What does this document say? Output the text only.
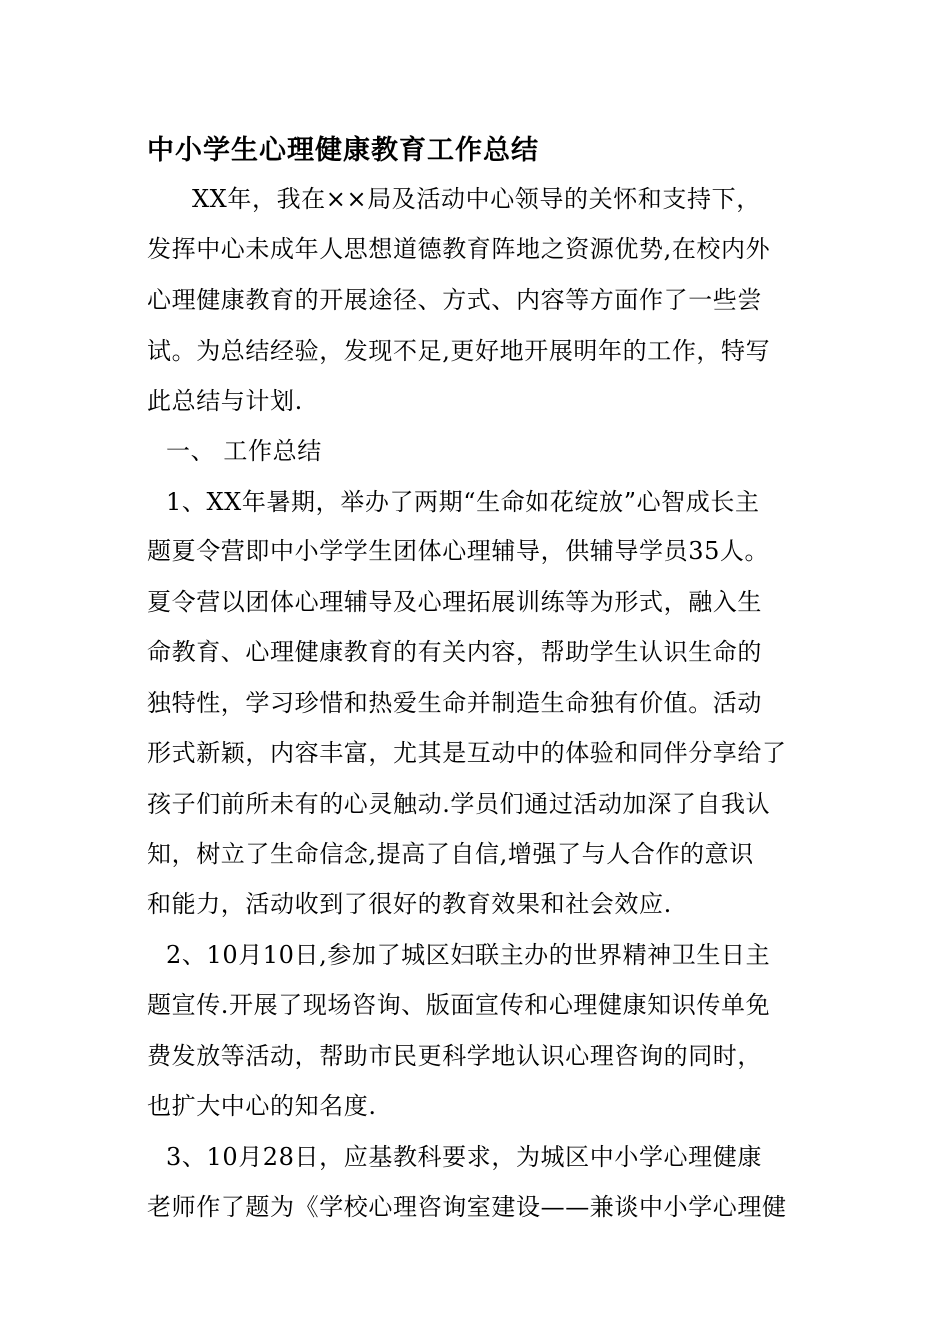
中小学生心理健康教育工作总结
XX年，我在××局及活动中心领导的关怀和支持下，
发挥中心未成年人思想道德教育阵地之资源优势,在校内外
心理健康教育的开展途径、方式、内容等方面作了一些尝
试。为总结经验，发现不足,更好地开展明年的工作，特写
此总结与计划.
一、 工作总结
1、XX年暑期，举办了两期“生命如花绽放”心智成长主
题夏令营即中小学学生团体心理辅导，供辅导学员35人。
夏令营以团体心理辅导及心理拓展训练等为形式，融入生
命教育、心理健康教育的有关内容，帮助学生认识生命的
独特性，学习珍惜和热爱生命并制造生命独有价值。活动
形式新颖，内容丰富，尤其是互动中的体验和同伴分享给了
孩子们前所未有的心灵触动.学员们通过活动加深了自我认
知，树立了生命信念,提高了自信,增强了与人合作的意识
和能力，活动收到了很好的教育效果和社会效应.
2、10月10日,参加了城区妇联主办的世界精神卫生日主
题宣传.开展了现场咨询、版面宣传和心理健康知识传单免
费发放等活动，帮助市民更科学地认识心理咨询的同时，
也扩大中心的知名度.
3、10月28日，应基教科要求，为城区中小学心理健康
老师作了题为《学校心理咨询室建设——兼谈中小学心理健
